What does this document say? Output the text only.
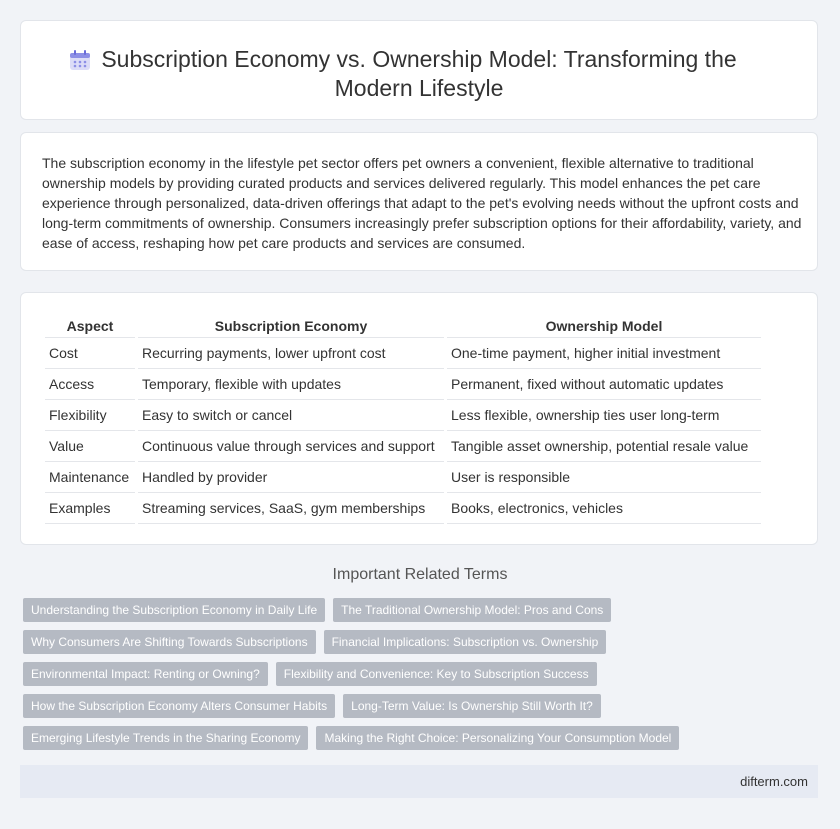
Subscription Economy vs. Ownership Model: Transforming the Modern Lifestyle
The subscription economy in the lifestyle pet sector offers pet owners a convenient, flexible alternative to traditional ownership models by providing curated products and services delivered regularly. This model enhances the pet care experience through personalized, data-driven offerings that adapt to the pet's evolving needs without the upfront costs and long-term commitments of ownership. Consumers increasingly prefer subscription options for their affordability, variety, and ease of access, reshaping how pet care products and services are consumed.
Aspect	Subscription Economy	Ownership Model
Cost	Recurring payments, lower upfront cost	One-time payment, higher initial investment
Access	Temporary, flexible with updates	Permanent, fixed without automatic updates
Flexibility	Easy to switch or cancel	Less flexible, ownership ties user long-term
Value	Continuous value through services and support	Tangible asset ownership, potential resale value
Maintenance	Handled by provider	User is responsible
Examples	Streaming services, SaaS, gym memberships	Books, electronics, vehicles
Important Related Terms
Understanding the Subscription Economy in Daily Life	The Traditional Ownership Model: Pros and Cons
Why Consumers Are Shifting Towards Subscriptions	Financial Implications: Subscription vs. Ownership
Environmental Impact: Renting or Owning?	Flexibility and Convenience: Key to Subscription Success
How the Subscription Economy Alters Consumer Habits	Long-Term Value: Is Ownership Still Worth It?
Emerging Lifestyle Trends in the Sharing Economy	Making the Right Choice: Personalizing Your Consumption Model
difterm.com
